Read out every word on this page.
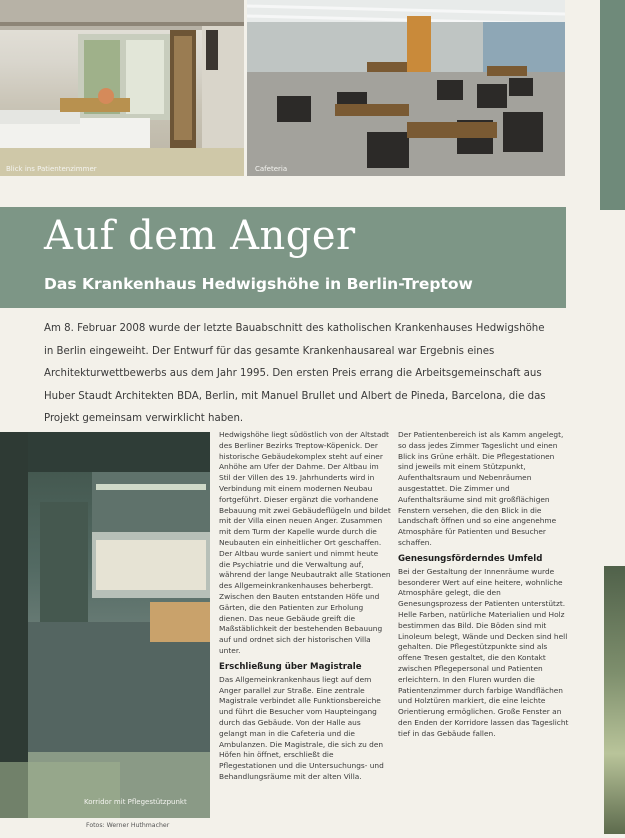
Blick ins Patientenzimmer	Cafeteria
Auf dem Anger
Das Krankenhaus Hedwigshöhe in Berlin-Treptow
Am 8. Februar 2008 wurde der letzte Bauabschnitt des katholischen Krankenhauses Hedwigshöhe in Berlin eingeweiht. Der Entwurf für das gesamte Krankenhausareal war Ergebnis eines Architekturwettbewerbs aus dem Jahr 1995. Den ersten Preis errang die Arbeitsgemeinschaft aus Huber Staudt Architekten BDA, Berlin, mit Manuel Brullet und Albert de Pineda, Barcelona, die das Projekt gemeinsam verwirklicht haben.
Korridor mit Pflegestützpunkt

Hedwigshöhe liegt südöstlich von der Altstadt des Berliner Bezirks Treptow-Köpenick. Der historische Gebäudekomplex steht auf einer Anhöhe am Ufer der Dahme. Der Altbau im Stil der Villen des 19. Jahrhunderts wird in Verbindung mit einem modernen Neubau fortgeführt. Dieser ergänzt die vorhandene Bebauung mit zwei Gebäudeflügeln und bildet mit der Villa einen neuen Anger. Zusammen mit dem Turm der Kapelle wurde durch die Neubauten ein einheitlicher Ort geschaffen. Der Altbau wurde saniert und nimmt heute die Psychiatrie und die Verwaltung auf, während der lange Neubautrakt alle Stationen des Allgemeinkrankenhauses beherbergt. Zwischen den Bauten entstanden Höfe und Gärten, die den Patienten zur Erholung dienen. Das neue Gebäude greift die Maßstäblichkeit der bestehenden Bebauung auf und ordnet sich der historischen Villa unter.

Erschließung über Magistrale

Das Allgemeinkrankenhaus liegt auf dem Anger parallel zur Straße. Eine zentrale Magistrale verbindet alle Funktionsbereiche und führt die Besucher vom Haupteingang durch das Gebäude. Von der Halle aus gelangt man in die Cafeteria und die Ambulanzen. Die Magistrale, die sich zu den Höfen hin öffnet, erschließt die Pflegestationen und die Untersuchungs- und Behandlungsräume mit der alten Villa.

Der Patientenbereich ist als Kamm angelegt, so dass jedes Zimmer Tageslicht und einen Blick ins Grüne erhält. Die Pflegestationen sind jeweils mit einem Stützpunkt, Aufenthaltsraum und Nebenräumen ausgestattet. Die Zimmer und Aufenthaltsräume sind mit großflächigen Fenstern versehen, die den Blick in die Landschaft öffnen und so eine angenehme Atmosphäre für Patienten und Besucher schaffen.

Genesungsförderndes Umfeld

Bei der Gestaltung der Innenräume wurde besonderer Wert auf eine heitere, wohnliche Atmosphäre gelegt, die den Genesungsprozess der Patienten unterstützt. Helle Farben, natürliche Materialien und Holz bestimmen das Bild. Die Böden sind mit Linoleum belegt, Wände und Decken sind hell gehalten. Die Pflegestützpunkte sind als offene Tresen gestaltet, die den Kontakt zwischen Pflegepersonal und Patienten erleichtern. In den Fluren wurden die Patientenzimmer durch farbige Wandflächen und Holztüren markiert, die eine leichte Orientierung ermöglichen. Große Fenster an den Enden der Korridore lassen das Tageslicht tief in das Gebäude fallen.

Fotos: Werner Huthmacher
